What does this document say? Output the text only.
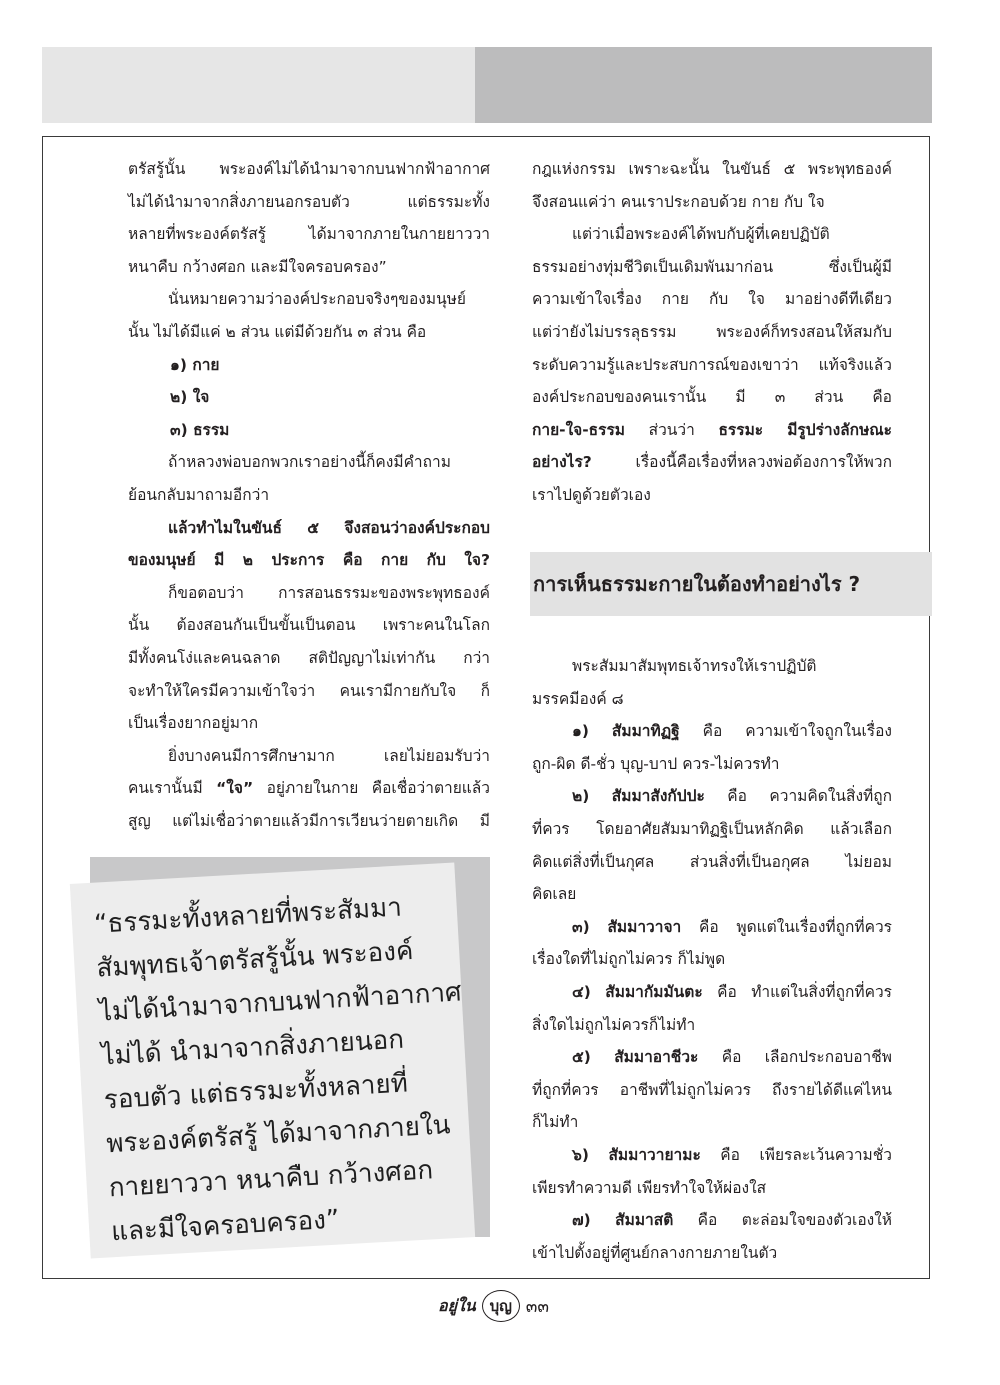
ตรัสรู้นั้น พระองค์ไม่ได้นำมาจากบนฟากฟ้าอากาศ

ไม่ได้นำมาจากสิ่งภายนอกรอบตัว แต่ธรรมะทั้ง

หลายที่พระองค์ตรัสรู้ ได้มาจากภายในกายยาววา

หนาคืบ กว้างศอก และมีใจครอบครอง”

นั่นหมายความว่าองค์ประกอบจริงๆของมนุษย์

นั้น ไม่ได้มีแค่ ๒ ส่วน แต่มีด้วยกัน ๓ ส่วน คือ

๑) กาย

๒) ใจ

๓) ธรรม

ถ้าหลวงพ่อบอกพวกเราอย่างนี้ก็คงมีคำถาม

ย้อนกลับมาถามอีกว่า

แล้วทำไมในขันธ์ ๕ จึงสอนว่าองค์ประกอบ

ของมนุษย์ มี ๒ ประการ คือ กาย กับ ใจ?

ก็ขอตอบว่า การสอนธรรมะของพระพุทธองค์

นั้น ต้องสอนกันเป็นขั้นเป็นตอน เพราะคนในโลก

มีทั้งคนโง่และคนฉลาด สติปัญญาไม่เท่ากัน กว่า

จะทำให้ใครมีความเข้าใจว่า คนเรามีกายกับใจ ก็

เป็นเรื่องยากอยู่มาก

ยิ่งบางคนมีการศึกษามาก เลยไม่ยอมรับว่า

คนเรานั้นมี “ใจ” อยู่ภายในกาย คือเชื่อว่าตายแล้ว

สูญ แต่ไม่เชื่อว่าตายแล้วมีการเวียนว่ายตายเกิด มี

“ธรรมะทั้งหลายที่พระสัมมา
สัมพุทธเจ้าตรัสรู้นั้น พระองค์
ไม่ได้นำมาจากบนฟากฟ้าอากาศ
ไม่ได้ นำมาจากสิ่งภายนอก
รอบตัว แต่ธรรมะทั้งหลายที่
พระองค์ตรัสรู้ ได้มาจากภายใน
กายยาววา หนาคืบ กว้างศอก
และมีใจครอบครอง”

กฎแห่งกรรม เพราะฉะนั้น ในขันธ์ ๕ พระพุทธองค์

จึงสอนแค่ว่า คนเราประกอบด้วย กาย กับ ใจ

แต่ว่าเมื่อพระองค์ได้พบกับผู้ที่เคยปฏิบัติ

ธรรมอย่างทุ่มชีวิตเป็นเดิมพันมาก่อน ซึ่งเป็นผู้มี

ความเข้าใจเรื่อง กาย กับ ใจ มาอย่างดีทีเดียว

แต่ว่ายังไม่บรรลุธรรม พระองค์ก็ทรงสอนให้สมกับ

ระดับความรู้และประสบการณ์ของเขาว่า แท้จริงแล้ว

องค์ประกอบของคนเรานั้น มี ๓ ส่วน คือ

กาย-ใจ-ธรรม ส่วนว่า ธรรมะ มีรูปร่างลักษณะ

อย่างไร? เรื่องนี้คือเรื่องที่หลวงพ่อต้องการให้พวก

เราไปดูด้วยตัวเอง

การเห็นธรรมะกายในต้องทำอย่างไร ?

พระสัมมาสัมพุทธเจ้าทรงให้เราปฏิบัติ

มรรคมีองค์ ๘

๑) สัมมาทิฏฐิ คือ ความเข้าใจถูกในเรื่อง

ถูก-ผิด ดี-ชั่ว บุญ-บาป ควร-ไม่ควรทำ

๒) สัมมาสังกัปปะ คือ ความคิดในสิ่งที่ถูก

ที่ควร โดยอาศัยสัมมาทิฏฐิเป็นหลักคิด แล้วเลือก

คิดแต่สิ่งที่เป็นกุศล ส่วนสิ่งที่เป็นอกุศล ไม่ยอม

คิดเลย

๓) สัมมาวาจา คือ พูดแต่ในเรื่องที่ถูกที่ควร

เรื่องใดที่ไม่ถูกไม่ควร ก็ไม่พูด

๔) สัมมากัมมันตะ คือ ทำแต่ในสิ่งที่ถูกที่ควร

สิ่งใดไม่ถูกไม่ควรก็ไม่ทำ

๕) สัมมาอาชีวะ คือ เลือกประกอบอาชีพ

ที่ถูกที่ควร อาชีพที่ไม่ถูกไม่ควร ถึงรายได้ดีแค่ไหน

ก็ไม่ทำ

๖) สัมมาวายามะ คือ เพียรละเว้นความชั่ว

เพียรทำความดี เพียรทำใจให้ผ่องใส

๗) สัมมาสติ คือ ตะล่อมใจของตัวเองให้

เข้าไปตั้งอยู่ที่ศูนย์กลางกายภายในตัว

อยู่ใน บุญ ๓๓
